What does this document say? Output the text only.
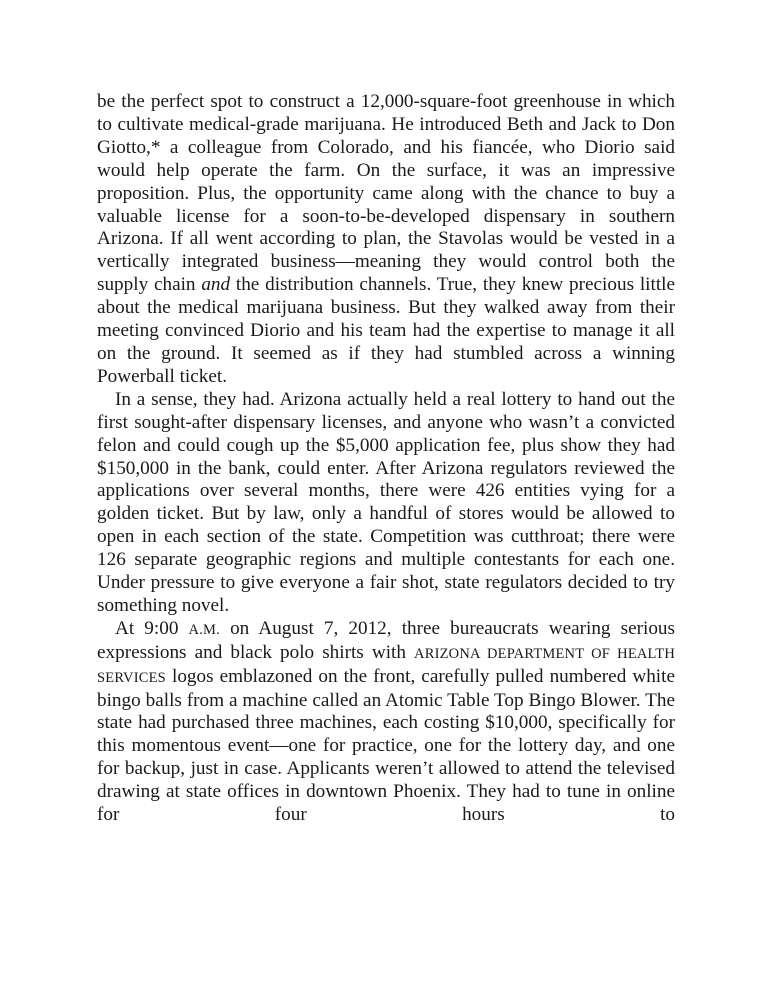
be the perfect spot to construct a 12,000-square-foot greenhouse in which to cultivate medical-grade marijuana. He introduced Beth and Jack to Don Giotto,* a colleague from Colorado, and his fiancée, who Diorio said would help operate the farm. On the surface, it was an impressive proposition. Plus, the opportunity came along with the chance to buy a valuable license for a soon-to-be-developed dispensary in southern Arizona. If all went according to plan, the Stavolas would be vested in a vertically integrated business—meaning they would control both the supply chain and the distribution channels. True, they knew precious little about the medical marijuana business. But they walked away from their meeting convinced Diorio and his team had the expertise to manage it all on the ground. It seemed as if they had stumbled across a winning Powerball ticket.

In a sense, they had. Arizona actually held a real lottery to hand out the first sought-after dispensary licenses, and anyone who wasn’t a convicted felon and could cough up the $5,000 application fee, plus show they had $150,000 in the bank, could enter. After Arizona regulators reviewed the applications over several months, there were 426 entities vying for a golden ticket. But by law, only a handful of stores would be allowed to open in each section of the state. Competition was cutthroat; there were 126 separate geographic regions and multiple contestants for each one. Under pressure to give everyone a fair shot, state regulators decided to try something novel.

At 9:00 A.M. on August 7, 2012, three bureaucrats wearing serious expressions and black polo shirts with ARIZONA DEPARTMENT OF HEALTH SERVICES logos emblazoned on the front, carefully pulled numbered white bingo balls from a machine called an Atomic Table Top Bingo Blower. The state had purchased three machines, each costing $10,000, specifically for this momentous event—one for practice, one for the lottery day, and one for backup, just in case. Applicants weren’t allowed to attend the televised drawing at state offices in downtown Phoenix. They had to tune in online for four hours to
